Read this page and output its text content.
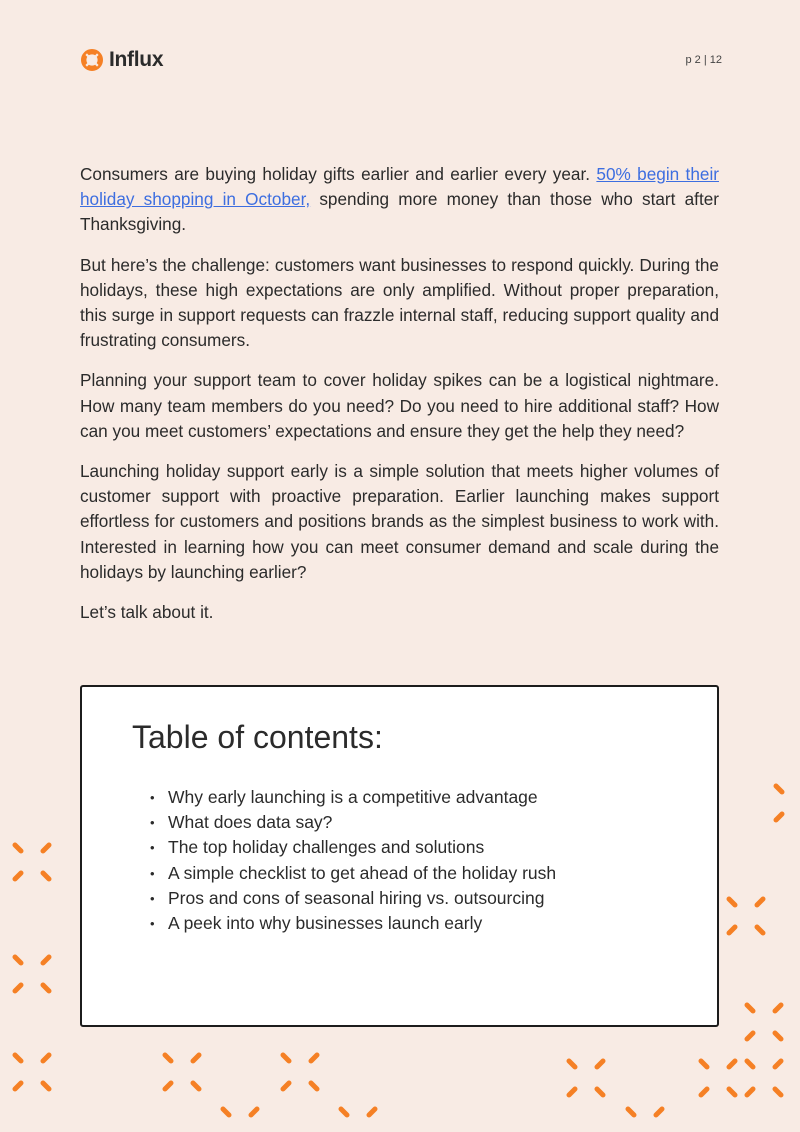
Influx	p 2 | 12

Consumers are buying holiday gifts earlier and earlier every year. 50% begin their holiday shopping in October, spending more money than those who start after Thanksgiving.

But here’s the challenge: customers want businesses to respond quickly. During the holidays, these high expectations are only amplified. Without proper preparation, this surge in support requests can frazzle internal staff, reducing support quality and frustrating consumers.

Planning your support team to cover holiday spikes can be a logistical nightmare. How many team members do you need? Do you need to hire additional staff? How can you meet customers’ expectations and ensure they get the help they need?

Launching holiday support early is a simple solution that meets higher volumes of customer support with proactive preparation. Earlier launching makes support effortless for customers and positions brands as the simplest business to work with. Interested in learning how you can meet consumer demand and scale during the holidays by launching earlier?

Let’s talk about it.

Table of contents:
• Why early launching is a competitive advantage
• What does data say?
• The top holiday challenges and solutions
• A simple checklist to get ahead of the holiday rush
• Pros and cons of seasonal hiring vs. outsourcing
• A peek into why businesses launch early
